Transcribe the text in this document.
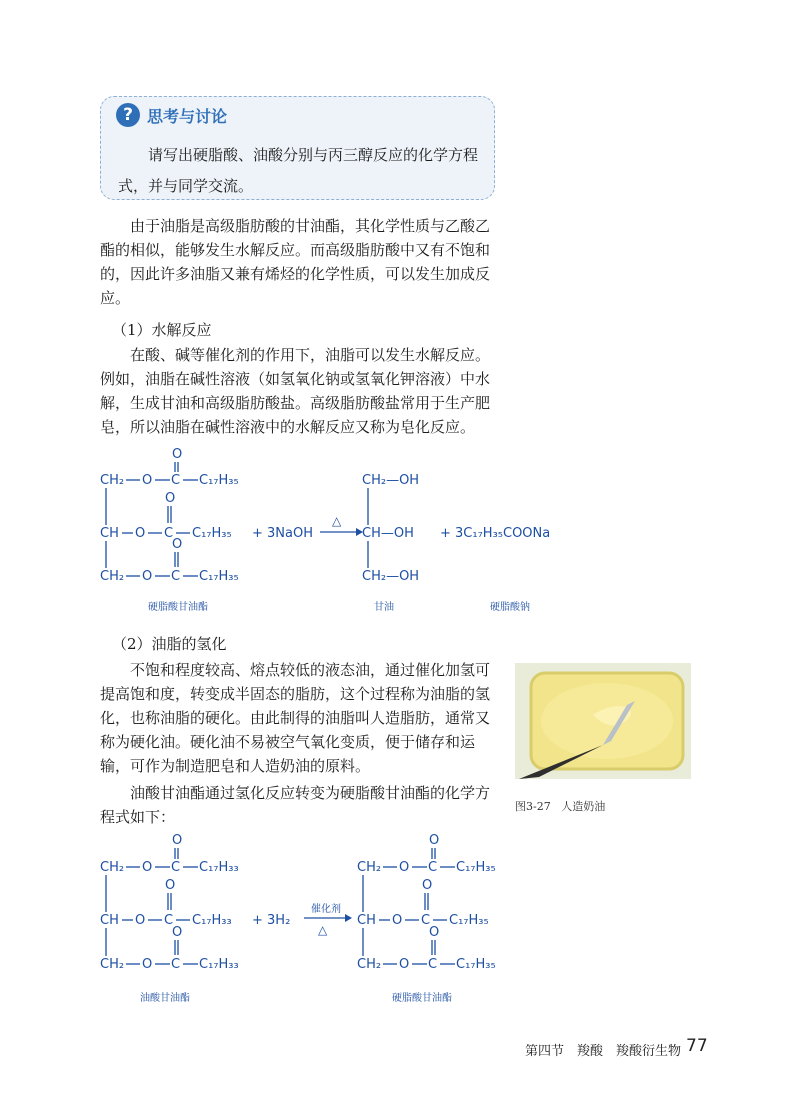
? 思考与讨论
请写出硬脂酸、油酸分别与丙三醇反应的化学方程式，并与同学交流。
由于油脂是高级脂肪酸的甘油酯，其化学性质与乙酸乙酯的相似，能够发生水解反应。而高级脂肪酸中又有不饱和的，因此许多油脂又兼有烯烃的化学性质，可以发生加成反应。
（1）水解反应
在酸、碱等催化剂的作用下，油脂可以发生水解反应。例如，油脂在碱性溶液（如氢氧化钠或氢氧化钾溶液）中水解，生成甘油和高级脂肪酸盐。高级脂肪酸盐常用于生产肥皂，所以油脂在碱性溶液中的水解反应又称为皂化反应。
CH₂
CH
CH₂
O C
O
C₁₇H₃₅
O C
O
C₁₇H₃₅
O C
O
C₁₇H₃₅
+ 3NaOH
△
CH₂—OH
CH—OH
CH₂—OH
+ 3C₁₇H₃₅COONa
硬脂酸甘油酯	甘油	硬脂酸钠
（2）油脂的氢化
不饱和程度较高、熔点较低的液态油，通过催化加氢可提高饱和度，转变成半固态的脂肪，这个过程称为油脂的氢化，也称油脂的硬化。由此制得的油脂叫人造脂肪，通常又称为硬化油。硬化油不易被空气氧化变质，便于储存和运输，可作为制造肥皂和人造奶油的原料。
油酸甘油酯通过氢化反应转变为硬脂酸甘油酯的化学方程式如下：
图3-27 人造奶油
CH₂
CH
CH₂
O C
O
C₁₇H₃₃
O C
O
C₁₇H₃₃
O C
O
C₁₇H₃₃
+ 3H₂
催化剂
△
CH₂
CH
CH₂
O C
O
C₁₇H₃₅
O C
O
C₁₇H₃₅
O C
O
C₁₇H₃₅
油酸甘油酯	硬脂酸甘油酯
第四节　羧酸　羧酸衍生物 77
